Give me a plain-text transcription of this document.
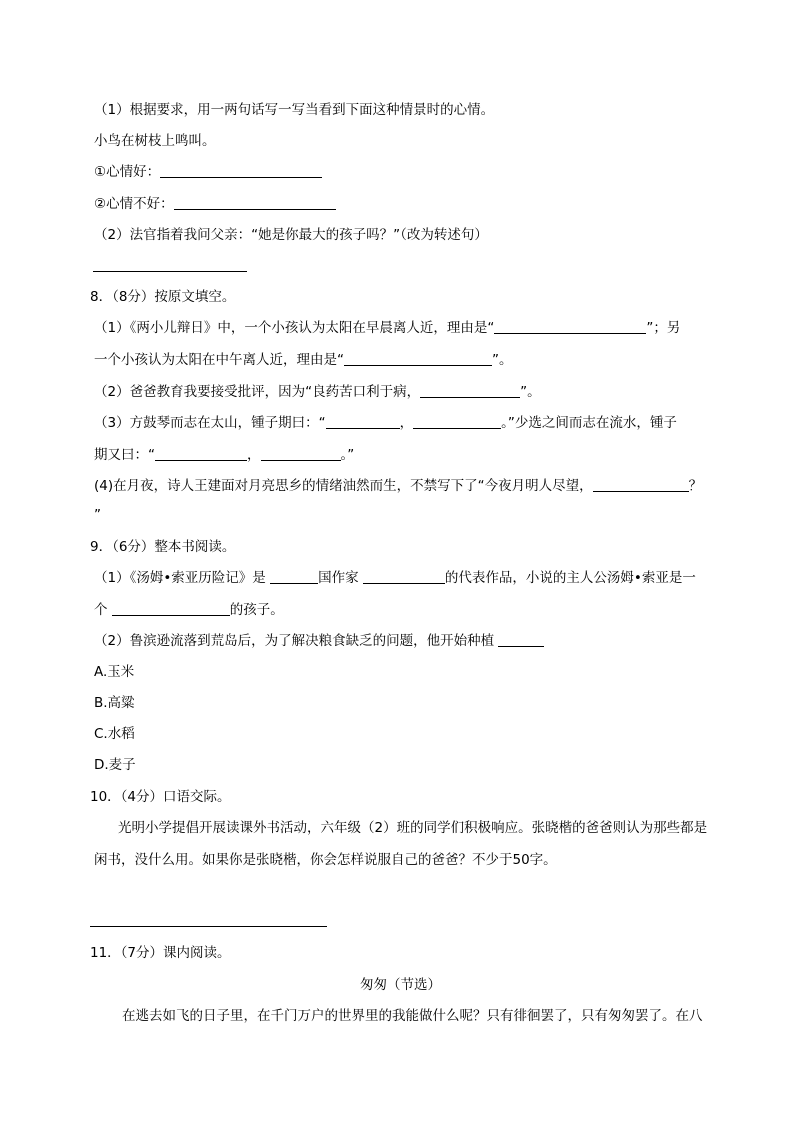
（1）根据要求，用一两句话写一写当看到下面这种情景时的心情。
小鸟在树枝上鸣叫。
①心情好：
②心情不好：
（2）法官指着我问父亲：“她是你最大的孩子吗？”（改为转述句）
8．（8分）按原文填空。
（1）《两小儿辩日》中，一个小孩认为太阳在早晨离人近，理由是“	”；另
一个小孩认为太阳在中午离人近，理由是“	”。
（2）爸爸教育我要接受批评，因为“良药苦口利于病，	”。
（3）方鼓琴而志在太山，锺子期曰：“	，	。”少选之间而志在流水，锺子
期又曰：“	，	。”
(4)在月夜，诗人王建面对月亮思乡的情绪油然而生，不禁写下了“今夜月明人尽望，	？
”
9．（6分）整本书阅读。
（1）《汤姆•索亚历险记》是	国作家	的代表作品，小说的主人公汤姆•索亚是一
个	的孩子。
（2）鲁滨逊流落到荒岛后，为了解决粮食缺乏的问题，他开始种植
A.玉米
B.高粱
C.水稻
D.麦子
10．（4分）口语交际。
光明小学提倡开展读课外书活动，六年级（2）班的同学们积极响应。张晓楷的爸爸则认为那些都是
闲书，没什么用。如果你是张晓楷，你会怎样说服自己的爸爸？不少于50字。
11．（7分）课内阅读。
匆匆（节选）
在逃去如飞的日子里，在千门万户的世界里的我能做什么呢？只有徘徊罢了，只有匆匆罢了。在八
